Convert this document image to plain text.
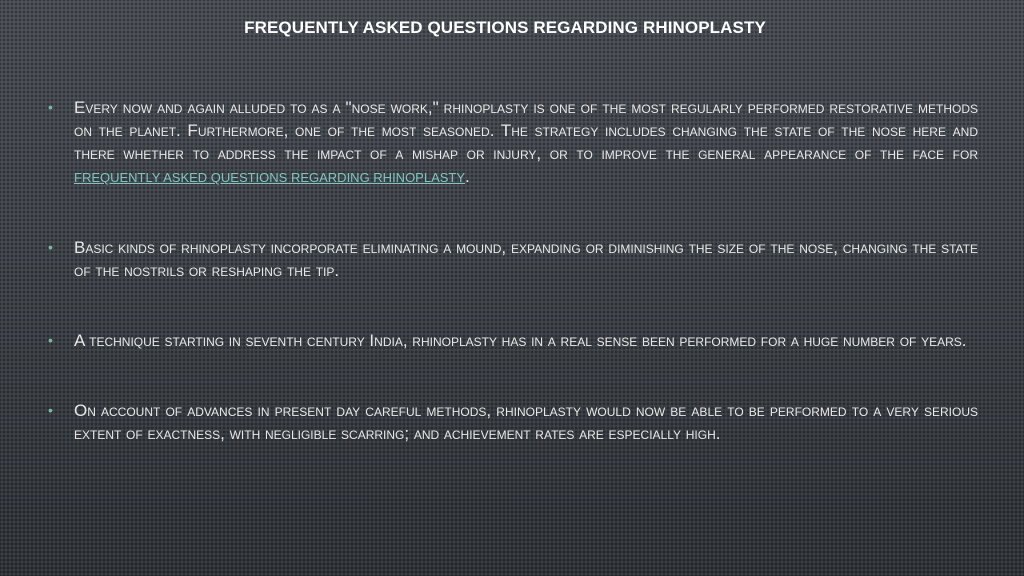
FREQUENTLY ASKED QUESTIONS REGARDING RHINOPLASTY
• Every now and again alluded to as a "nose work," rhinoplasty is one of the most regularly performed restorative methods on the planet. Furthermore, one of the most seasoned. The strategy includes changing the state of the nose here and there whether to address the impact of a mishap or injury, or to improve the general appearance of the face for FREQUENTLY ASKED QUESTIONS REGARDING RHINOPLASTY.
• Basic kinds of rhinoplasty incorporate eliminating a mound, expanding or diminishing the size of the nose, changing the state of the nostrils or reshaping the tip.
• A technique starting in seventh century India, rhinoplasty has in a real sense been performed for a huge number of years.
• On account of advances in present day careful methods, rhinoplasty would now be able to be performed to a very serious extent of exactness, with negligible scarring; and achievement rates are especially high.
